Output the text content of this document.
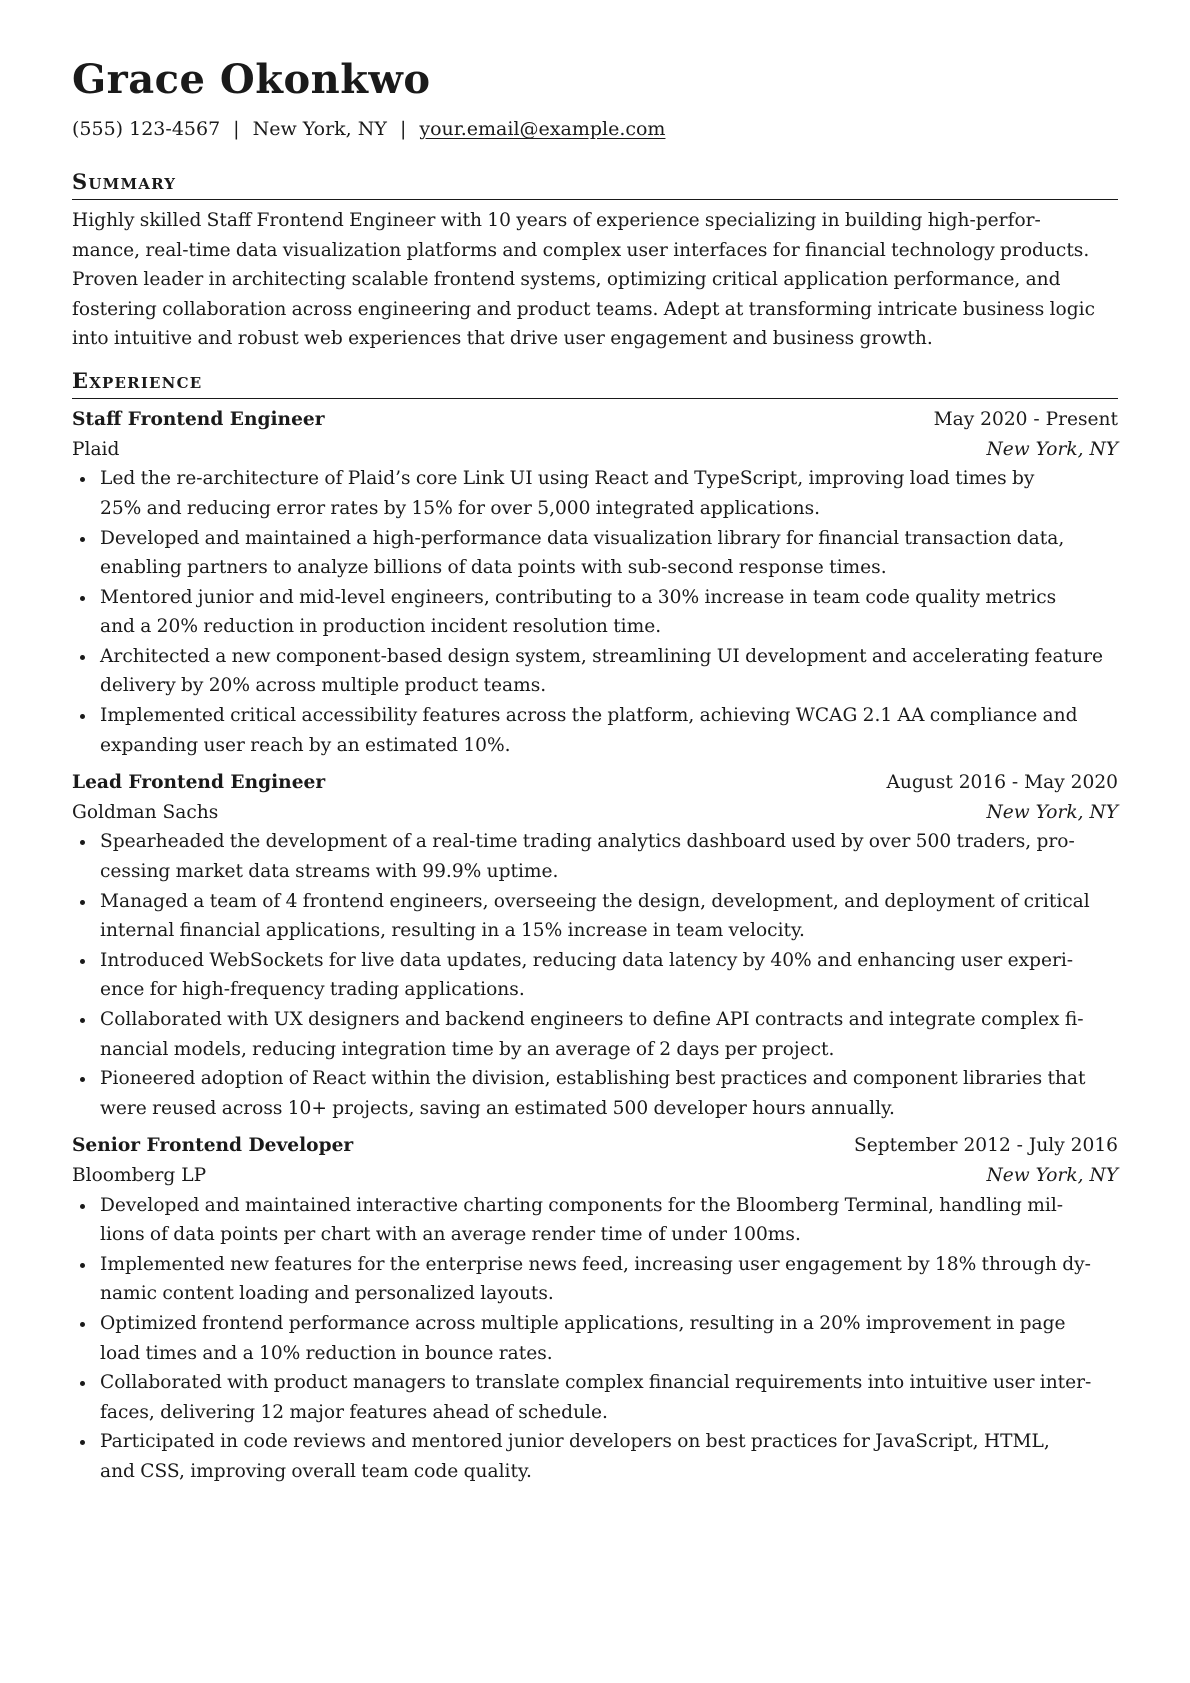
Grace Okonkwo
(555) 123-4567 | New York, NY | your.email@example.com
Summary
Highly skilled Staff Frontend Engineer with 10 years of experience specializing in building high-perfor-
mance, real-time data visualization platforms and complex user interfaces for financial technology products.
Proven leader in architecting scalable frontend systems, optimizing critical application performance, and
fostering collaboration across engineering and product teams. Adept at transforming intricate business logic
into intuitive and robust web experiences that drive user engagement and business growth.
Experience
Staff Frontend Engineer	May 2020 - Present
Plaid	New York, NY
Led the re-architecture of Plaid’s core Link UI using React and TypeScript, improving load times by
25% and reducing error rates by 15% for over 5,000 integrated applications.
Developed and maintained a high-performance data visualization library for financial transaction data,
enabling partners to analyze billions of data points with sub-second response times.
Mentored junior and mid-level engineers, contributing to a 30% increase in team code quality metrics
and a 20% reduction in production incident resolution time.
Architected a new component-based design system, streamlining UI development and accelerating feature
delivery by 20% across multiple product teams.
Implemented critical accessibility features across the platform, achieving WCAG 2.1 AA compliance and
expanding user reach by an estimated 10%.
Lead Frontend Engineer	August 2016 - May 2020
Goldman Sachs	New York, NY
Spearheaded the development of a real-time trading analytics dashboard used by over 500 traders, pro-
cessing market data streams with 99.9% uptime.
Managed a team of 4 frontend engineers, overseeing the design, development, and deployment of critical
internal financial applications, resulting in a 15% increase in team velocity.
Introduced WebSockets for live data updates, reducing data latency by 40% and enhancing user experi-
ence for high-frequency trading applications.
Collaborated with UX designers and backend engineers to define API contracts and integrate complex fi-
nancial models, reducing integration time by an average of 2 days per project.
Pioneered adoption of React within the division, establishing best practices and component libraries that
were reused across 10+ projects, saving an estimated 500 developer hours annually.
Senior Frontend Developer	September 2012 - July 2016
Bloomberg LP	New York, NY
Developed and maintained interactive charting components for the Bloomberg Terminal, handling mil-
lions of data points per chart with an average render time of under 100ms.
Implemented new features for the enterprise news feed, increasing user engagement by 18% through dy-
namic content loading and personalized layouts.
Optimized frontend performance across multiple applications, resulting in a 20% improvement in page
load times and a 10% reduction in bounce rates.
Collaborated with product managers to translate complex financial requirements into intuitive user inter-
faces, delivering 12 major features ahead of schedule.
Participated in code reviews and mentored junior developers on best practices for JavaScript, HTML,
and CSS, improving overall team code quality.
